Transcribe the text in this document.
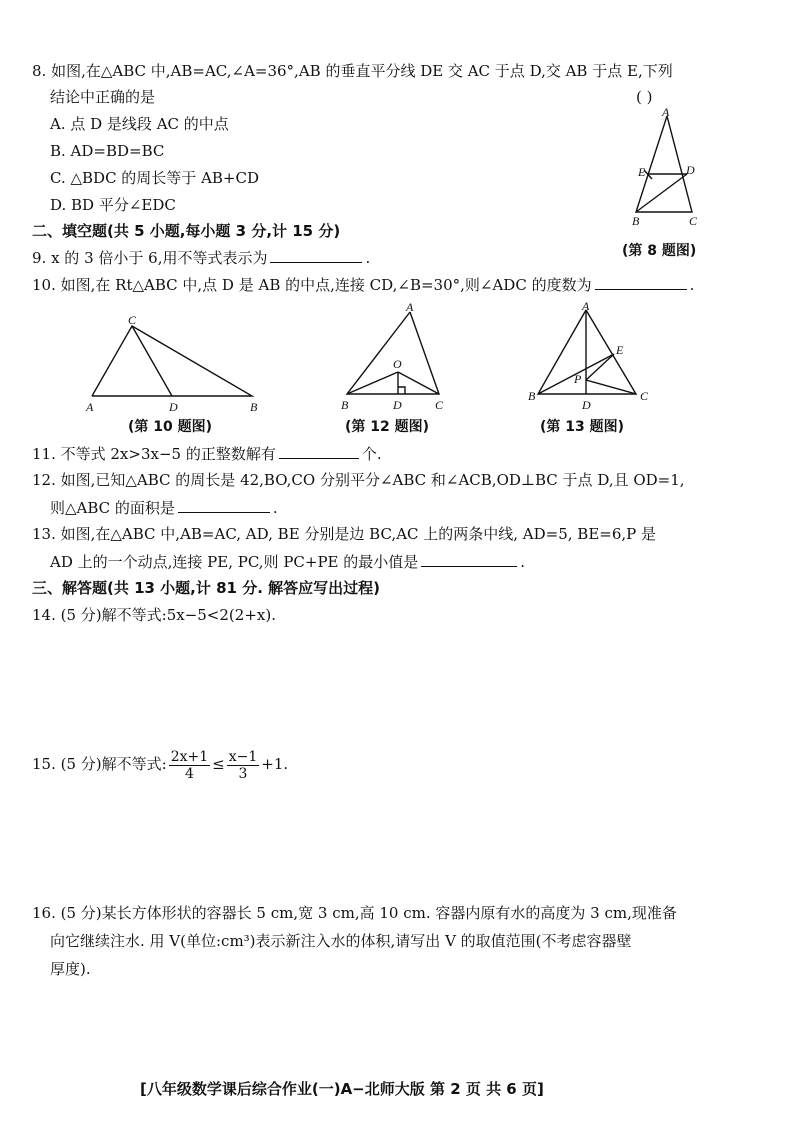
8. 如图,在△ABC 中,AB=AC,∠A=36°,AB 的垂直平分线 DE 交 AC 于点 D,交 AB 于点 E,下列
结论中正确的是	( )
A. 点 D 是线段 AC 的中点
B. AD=BD=BC
C. △BDC 的周长等于 AB+CD
D. BD 平分∠EDC
A
B	C
D
E
(第 8 题图)
二、填空题(共 5 小题,每小题 3 分,计 15 分)
9. x 的 3 倍小于 6,用不等式表示为	.
10. 如图,在 Rt△ABC 中,点 D 是 AB 的中点,连接 CD,∠B=30°,则∠ADC 的度数为	.
A
C
D	B
(第 10 题图)
A
O
B	D	C
(第 12 题图)
A
E
P
B
D
C
(第 13 题图)
11. 不等式 2x>3x−5 的正整数解有	个.
12. 如图,已知△ABC 的周长是 42,BO,CO 分别平分∠ABC 和∠ACB,OD⊥BC 于点 D,且 OD=1,
则△ABC 的面积是	.
13. 如图,在△ABC 中,AB=AC, AD, BE 分别是边 BC,AC 上的两条中线, AD=5, BE=6,P 是
AD 上的一个动点,连接 PE, PC,则 PC+PE 的最小值是	.
三、解答题(共 13 小题,计 81 分. 解答应写出过程)
14. (5 分)解不等式:5x−5<2(2+x).
15. (5 分)解不等式: $\frac{2x+1}{4} \le \frac{x-1}{3} +1$.
16. (5 分)某长方体形状的容器长 5 cm,宽 3 cm,高 10 cm. 容器内原有水的高度为 3 cm,现准备
向它继续注水. 用 V(单位:cm³)表示新注入水的体积,请写出 V 的取值范围(不考虑容器壁
厚度).
[八年级数学课后综合作业(一)A−北师大版 第 2 页 共 6 页]
